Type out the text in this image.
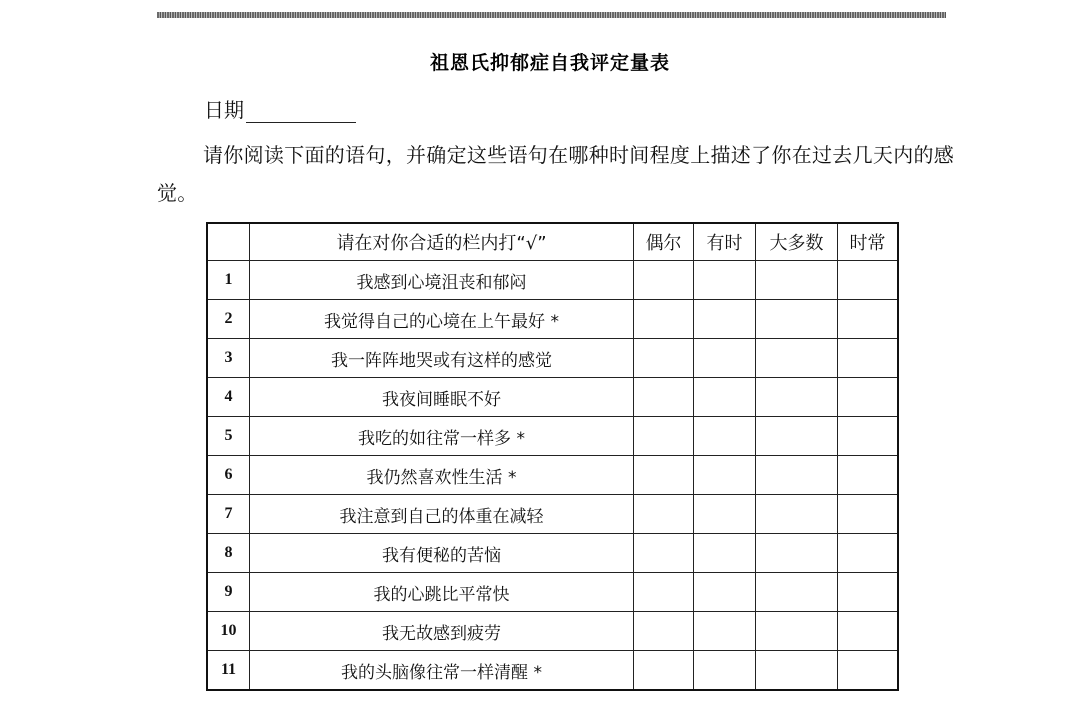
祖恩氏抑郁症自我评定量表
日期
请你阅读下面的语句，并确定这些语句在哪种时间程度上描述了你在过去几天内的感觉。
	请在对你合适的栏内打“√”	偶尔	有时	大多数	时常
1	我感到心境沮丧和郁闷				
2	我觉得自己的心境在上午最好 *				
3	我一阵阵地哭或有这样的感觉				
4	我夜间睡眠不好				
5	我吃的如往常一样多 *				
6	我仍然喜欢性生活 *				
7	我注意到自己的体重在减轻				
8	我有便秘的苦恼				
9	我的心跳比平常快				
10	我无故感到疲劳				
11	我的头脑像往常一样清醒 *				
